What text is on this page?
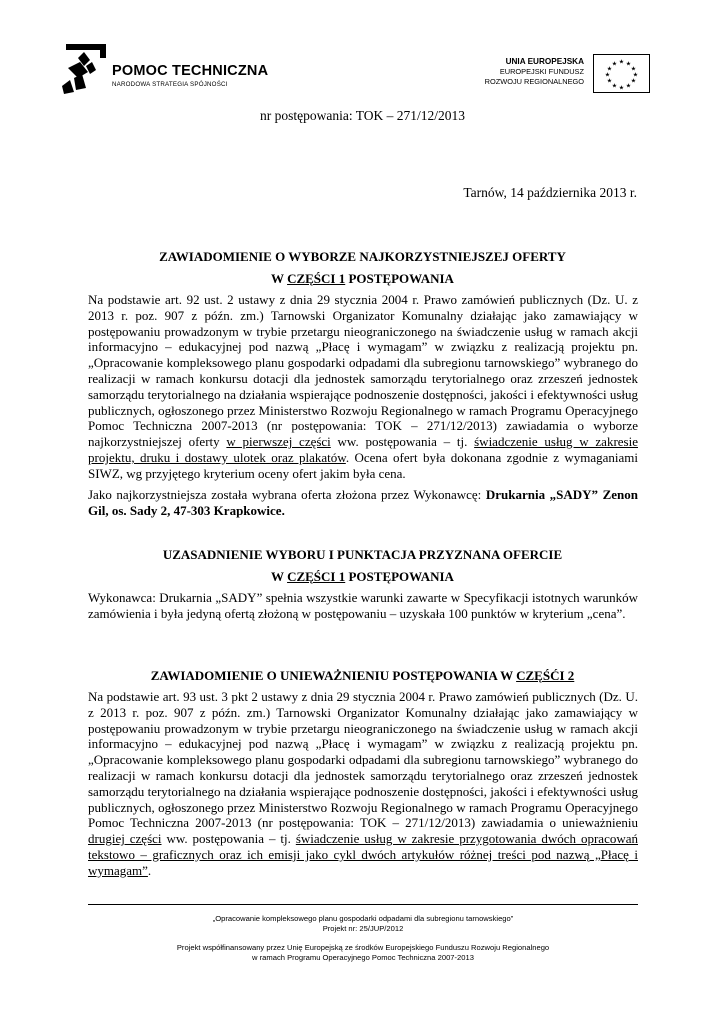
POMOC TECHNICZNA
NARODOWA STRATEGIA SPÓJNOŚCI
UNIA EUROPEJSKA
EUROPEJSKI FUNDUSZ
ROZWOJU REGIONALNEGO
★ ★
★
★
★
★
★
★
★
★
★
★
nr postępowania: TOK – 271/12/2013
Tarnów, 14 października 2013 r.
ZAWIADOMIENIE O WYBORZE NAJKORZYSTNIEJSZEJ OFERTY
W CZĘŚCI 1 POSTĘPOWANIA
Na podstawie art. 92 ust. 2 ustawy z dnia 29 stycznia 2004 r. Prawo zamówień publicznych (Dz. U. z 2013 r. poz. 907 z późn. zm.) Tarnowski Organizator Komunalny działając jako zamawiający w postępowaniu prowadzonym w trybie przetargu nieograniczonego na świadczenie usług w ramach akcji informacyjno – edukacyjnej pod nazwą „Płacę i wymagam” w związku z realizacją projektu pn. „Opracowanie kompleksowego planu gospodarki odpadami dla subregionu tarnowskiego” wybranego do realizacji w ramach konkursu dotacji dla jednostek samorządu terytorialnego oraz zrzeszeń jednostek samorządu terytorialnego na działania wspierające podnoszenie dostępności, jakości i efektywności usług publicznych, ogłoszonego przez Ministerstwo Rozwoju Regionalnego w ramach Programu Operacyjnego Pomoc Techniczna 2007-2013 (nr postępowania: TOK – 271/12/2013) zawiadamia o wyborze najkorzystniejszej oferty w pierwszej części ww. postępowania – tj. świadczenie usług w zakresie projektu, druku i dostawy ulotek oraz plakatów. Ocena ofert była dokonana zgodnie z wymaganiami SIWZ, wg przyjętego kryterium oceny ofert jakim była cena.
Jako najkorzystniejsza została wybrana oferta złożona przez Wykonawcę: Drukarnia „SADY” Zenon Gil, os. Sady 2, 47-303 Krapkowice.
UZASADNIENIE WYBORU I PUNKTACJA PRZYZNANA OFERCIE
W CZĘŚCI 1 POSTĘPOWANIA
Wykonawca: Drukarnia „SADY” spełnia wszystkie warunki zawarte w Specyfikacji istotnych warunków zamówienia i była jedyną ofertą złożoną w postępowaniu – uzyskała 100 punktów w kryterium „cena”.
ZAWIADOMIENIE O UNIEWAŻNIENIU POSTĘPOWANIA W CZĘŚĆI 2
Na podstawie art. 93 ust. 3 pkt 2 ustawy z dnia 29 stycznia 2004 r. Prawo zamówień publicznych (Dz. U. z 2013 r. poz. 907 z późn. zm.) Tarnowski Organizator Komunalny działając jako zamawiający w postępowaniu prowadzonym w trybie przetargu nieograniczonego na świadczenie usług w ramach akcji informacyjno – edukacyjnej pod nazwą „Płacę i wymagam” w związku z realizacją projektu pn. „Opracowanie kompleksowego planu gospodarki odpadami dla subregionu tarnowskiego” wybranego do realizacji w ramach konkursu dotacji dla jednostek samorządu terytorialnego oraz zrzeszeń jednostek samorządu terytorialnego na działania wspierające podnoszenie dostępności, jakości i efektywności usług publicznych, ogłoszonego przez Ministerstwo Rozwoju Regionalnego w ramach Programu Operacyjnego Pomoc Techniczna 2007-2013 (nr postępowania: TOK – 271/12/2013) zawiadamia o unieważnieniu drugiej części ww. postępowania – tj. świadczenie usług w zakresie przygotowania dwóch opracowań tekstowo – graficznych oraz ich emisji jako cykl dwóch artykułów różnej treści pod nazwą „Płacę i wymagam”.
„Opracowanie kompleksowego planu gospodarki odpadami dla subregionu tarnowskiego”
Projekt nr: 25/JUP/2012
Projekt współfinansowany przez Unię Europejską ze środków Europejskiego Funduszu Rozwoju Regionalnego
w ramach Programu Operacyjnego Pomoc Techniczna 2007-2013
